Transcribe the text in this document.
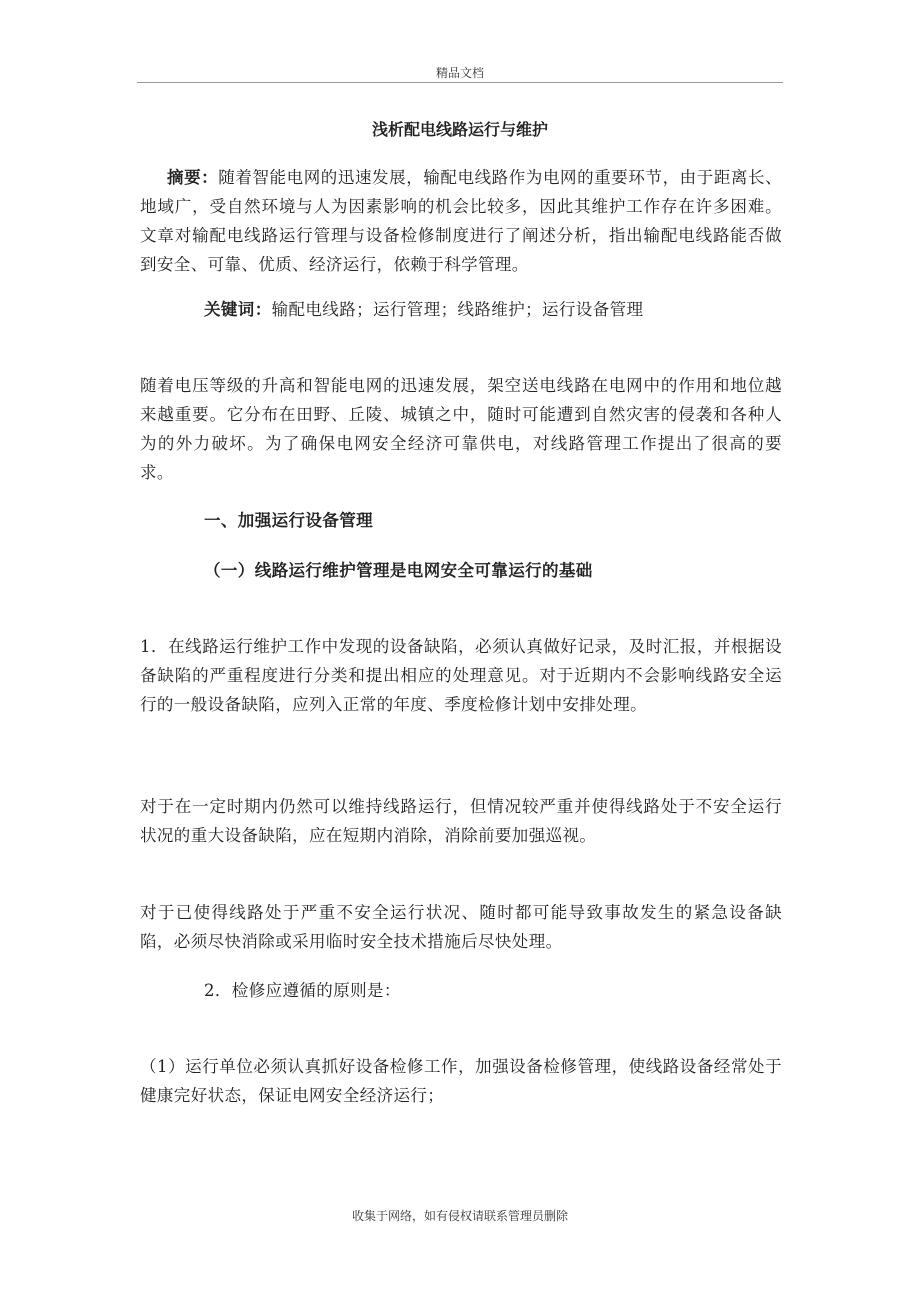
精品文档
浅析配电线路运行与维护
摘要：随着智能电网的迅速发展，输配电线路作为电网的重要环节，由于距离长、地域广，受自然环境与人为因素影响的机会比较多，因此其维护工作存在许多困难。文章对输配电线路运行管理与设备检修制度进行了阐述分析，指出输配电线路能否做到安全、可靠、优质、经济运行，依赖于科学管理。
关键词：输配电线路；运行管理；线路维护；运行设备管理
随着电压等级的升高和智能电网的迅速发展，架空送电线路在电网中的作用和地位越来越重要。它分布在田野、丘陵、城镇之中，随时可能遭到自然灾害的侵袭和各种人为的外力破坏。为了确保电网安全经济可靠供电，对线路管理工作提出了很高的要求。
一、加强运行设备管理
（一）线路运行维护管理是电网安全可靠运行的基础
1．在线路运行维护工作中发现的设备缺陷，必须认真做好记录，及时汇报，并根据设备缺陷的严重程度进行分类和提出相应的处理意见。对于近期内不会影响线路安全运行的一般设备缺陷，应列入正常的年度、季度检修计划中安排处理。
对于在一定时期内仍然可以维持线路运行，但情况较严重并使得线路处于不安全运行状况的重大设备缺陷，应在短期内消除，消除前要加强巡视。
对于已使得线路处于严重不安全运行状况、随时都可能导致事故发生的紧急设备缺陷，必须尽快消除或采用临时安全技术措施后尽快处理。
2．检修应遵循的原则是：
（1）运行单位必须认真抓好设备检修工作，加强设备检修管理，使线路设备经常处于健康完好状态，保证电网安全经济运行；
收集于网络，如有侵权请联系管理员删除
